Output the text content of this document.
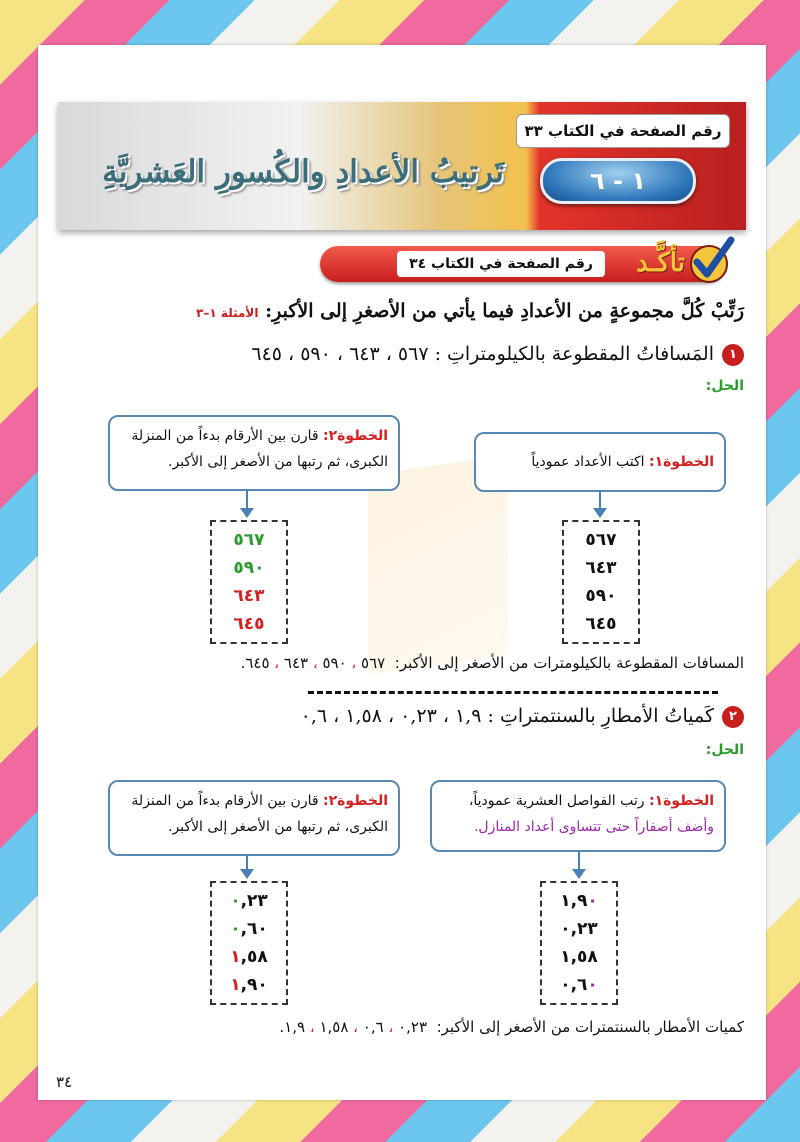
رقم الصفحة في الكتاب ٣٣
١ - ٦
تَرتيبُ الأعدادِ والكُسورِ العَشريَّةِ
تأكَّـد
رقم الصفحة في الكتاب ٣٤
رَتِّبْ كُلَّ مجموعةٍ من الأعدادِ فيما يأتي من الأصغرِ إلى الأكبرِ: الأمثلة ١–٣
١المَسافاتُ المقطوعة بالكيلومتراتِ : ٥٦٧ ، ٦٤٣ ، ٥٩٠ ، ٦٤٥
الحل:
الخطوة١: اكتب الأعداد عمودياً
الخطوة٢: قارن بين الأرقام بدءاً من المنزلة
الكبرى، ثم رتبها من الأصغر إلى الأكبر.
٥٦٧
٦٤٣
٥٩٠
٦٤٥
٥٦٧
٥٩٠
٦٤٣
٦٤٥
المسافات المقطوعة بالكيلومترات من الأصغر إلى الأكبر:  ٥٦٧ ، ٥٩٠ ، ٦٤٣ ، ٦٤٥.
٢كَمياتُ الأمطارِ بالسنتمتراتِ : ١,٩ ، ٠,٢٣ ، ١,٥٨ ، ٠,٦
الحل:
الخطوة١: رتب الفواصل العشرية عمودياً،
وأضف أصفاراً حتى تتساوى أعداد المنازل.
الخطوة٢: قارن بين الأرقام بدءاً من المنزلة
الكبرى، ثم رتبها من الأصغر إلى الأكبر.
١,٩٠
٠,٢٣
١,٥٨
٠,٦٠
٠,٢٣
٠,٦٠
١,٥٨
١,٩٠
كميات الأمطار بالسنتمترات من الأصغر إلى الأكبر:  ٠,٢٣ ، ٠,٦ ، ١,٥٨ ، ١,٩.
٣٤
